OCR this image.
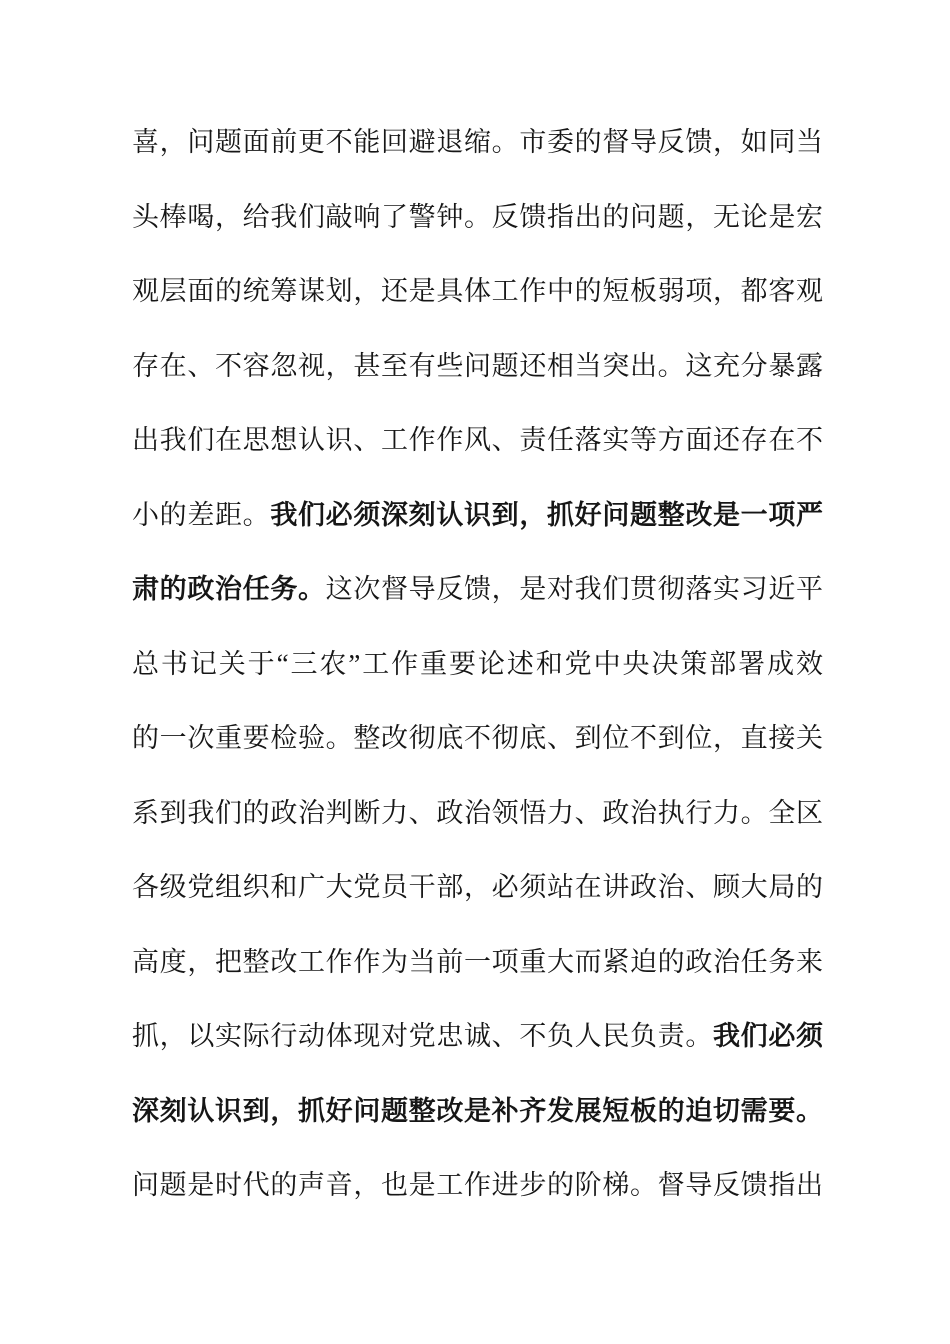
喜，问题面前更不能回避退缩。市委的督导反馈，如同当
头棒喝，给我们敲响了警钟。反馈指出的问题，无论是宏
观层面的统筹谋划，还是具体工作中的短板弱项，都客观
存在、不容忽视，甚至有些问题还相当突出。这充分暴露
出我们在思想认识、工作作风、责任落实等方面还存在不
小的差距。我们必须深刻认识到，抓好问题整改是一项严
肃的政治任务。这次督导反馈，是对我们贯彻落实习近平
总书记关于“三农”工作重要论述和党中央决策部署成效
的一次重要检验。整改彻底不彻底、到位不到位，直接关
系到我们的政治判断力、政治领悟力、政治执行力。全区
各级党组织和广大党员干部，必须站在讲政治、顾大局的
高度，把整改工作作为当前一项重大而紧迫的政治任务来
抓，以实际行动体现对党忠诚、不负人民负责。我们必须
深刻认识到，抓好问题整改是补齐发展短板的迫切需要。
问题是时代的声音，也是工作进步的阶梯。督导反馈指出
